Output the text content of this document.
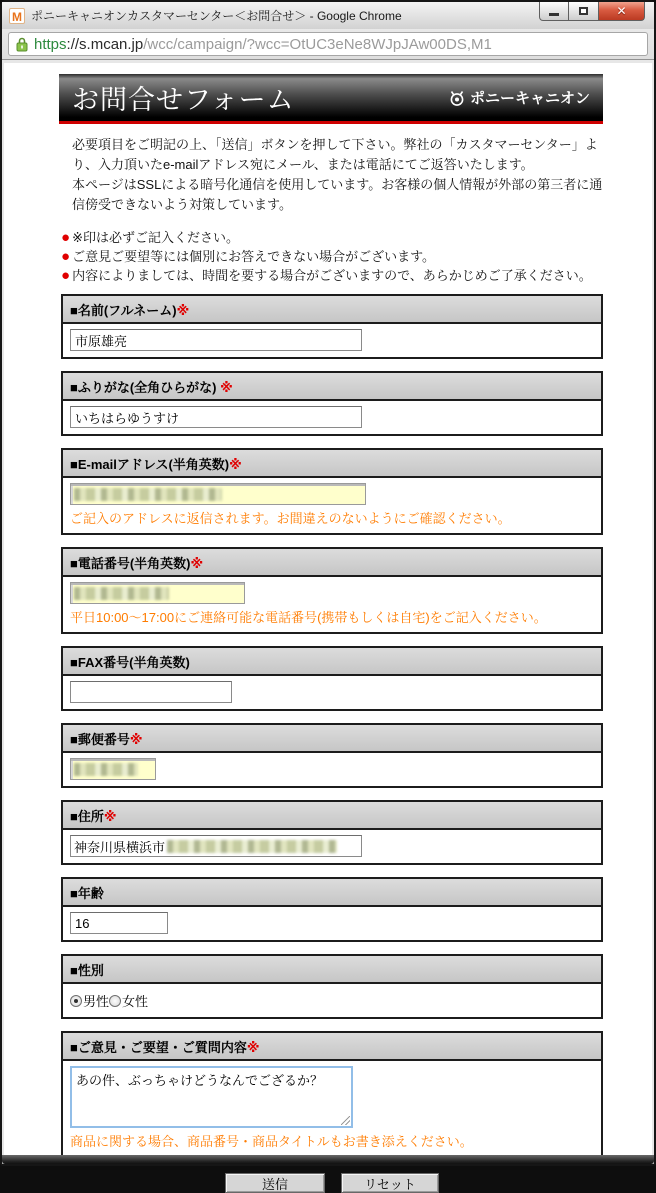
M ポニーキャニオンカスタマーセンター＜お問合せ＞ - Google Chrome	✕
https ://s.mcan.jp /wcc/campaign/?wcc=OtUC3eNe8WJpJAw00DS,M1
お問合せフォーム	ポニーキャニオン
必要項目をご明記の上、「送信」ボタンを押して下さい。弊社の「カスタマーセンター」より、入力頂いたe-mailアドレス宛にメール、または電話にてご返答いたします。
本ページはSSLによる暗号化通信を使用しています。お客様の個人情報が外部の第三者に通信傍受できないよう対策しています。
● ※印は必ずご記入ください。
● ご意見ご要望等には個別にお答えできない場合がございます。
● 内容によりましては、時間を要する場合がございますので、あらかじめご了承ください。
■名前(フルネーム)※
市原雄亮
■ふりがな(全角ひらがな) ※
いちはらゆうすけ
■E-mailアドレス(半角英数)※
ご記入のアドレスに返信されます。お間違えのないようにご確認ください。
■電話番号(半角英数)※
平日10:00～17:00にご連絡可能な電話番号(携帯もしくは自宅)をご記入ください。
■FAX番号(半角英数)
■郵便番号※
■住所※
神奈川県横浜市
■年齢
16
■性別
男性 女性
■ご意見・ご要望・ご質問内容※
あの件、ぶっちゃけどうなんでござるか？
商品に関する場合、商品番号・商品タイトルもお書き添えください。
送信	リセット
